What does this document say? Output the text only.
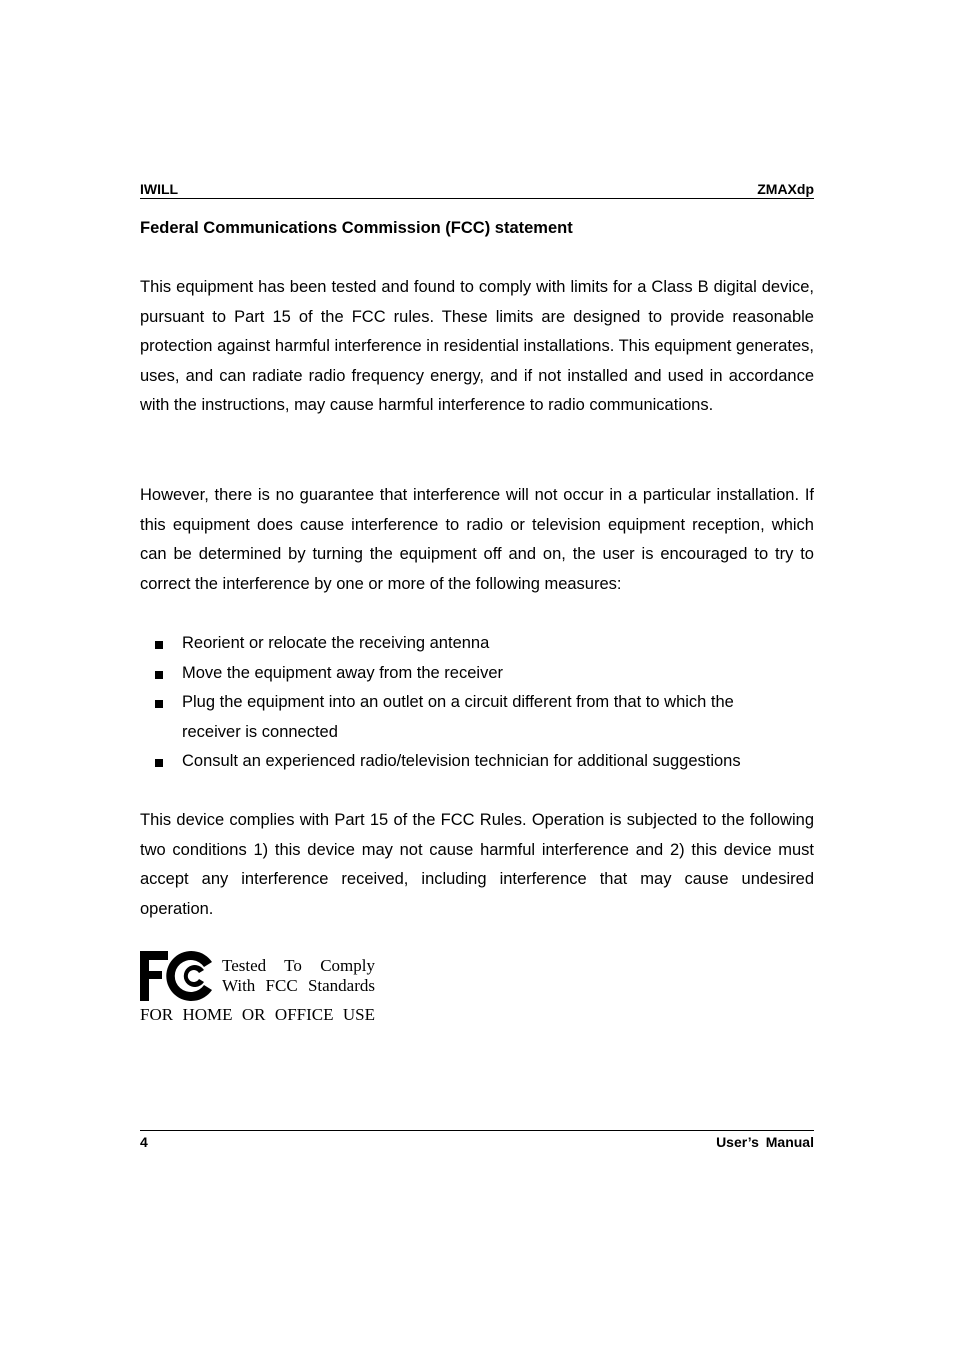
IWILL	ZMAXdp
Federal Communications Commission (FCC) statement

This equipment has been tested and found to comply with limits for a Class B digital device, pursuant to Part 15 of the FCC rules. These limits are designed to provide reasonable protection against harmful interference in residential installations. This equipment generates, uses, and can radiate radio frequency energy, and if not installed and used in accordance with the instructions, may cause harmful interference to radio communications.

However, there is no guarantee that interference will not occur in a particular installation. If this equipment does cause interference to radio or television equipment reception, which can be determined by turning the equipment off and on, the user is encouraged to try to correct the interference by one or more of the following measures:

Reorient or relocate the receiving antenna
Move the equipment away from the receiver
Plug the equipment into an outlet on a circuit different from that to which the receiver is connected
Consult an experienced radio/television technician for additional suggestions

This device complies with Part 15 of the FCC Rules. Operation is subjected to the following two conditions 1) this device may not cause harmful interference and 2) this device must accept any interference received, including interference that may cause undesired operation.

Tested To Comply
With FCC Standards
FOR HOME OR OFFICE USE
4	User’s Manual
